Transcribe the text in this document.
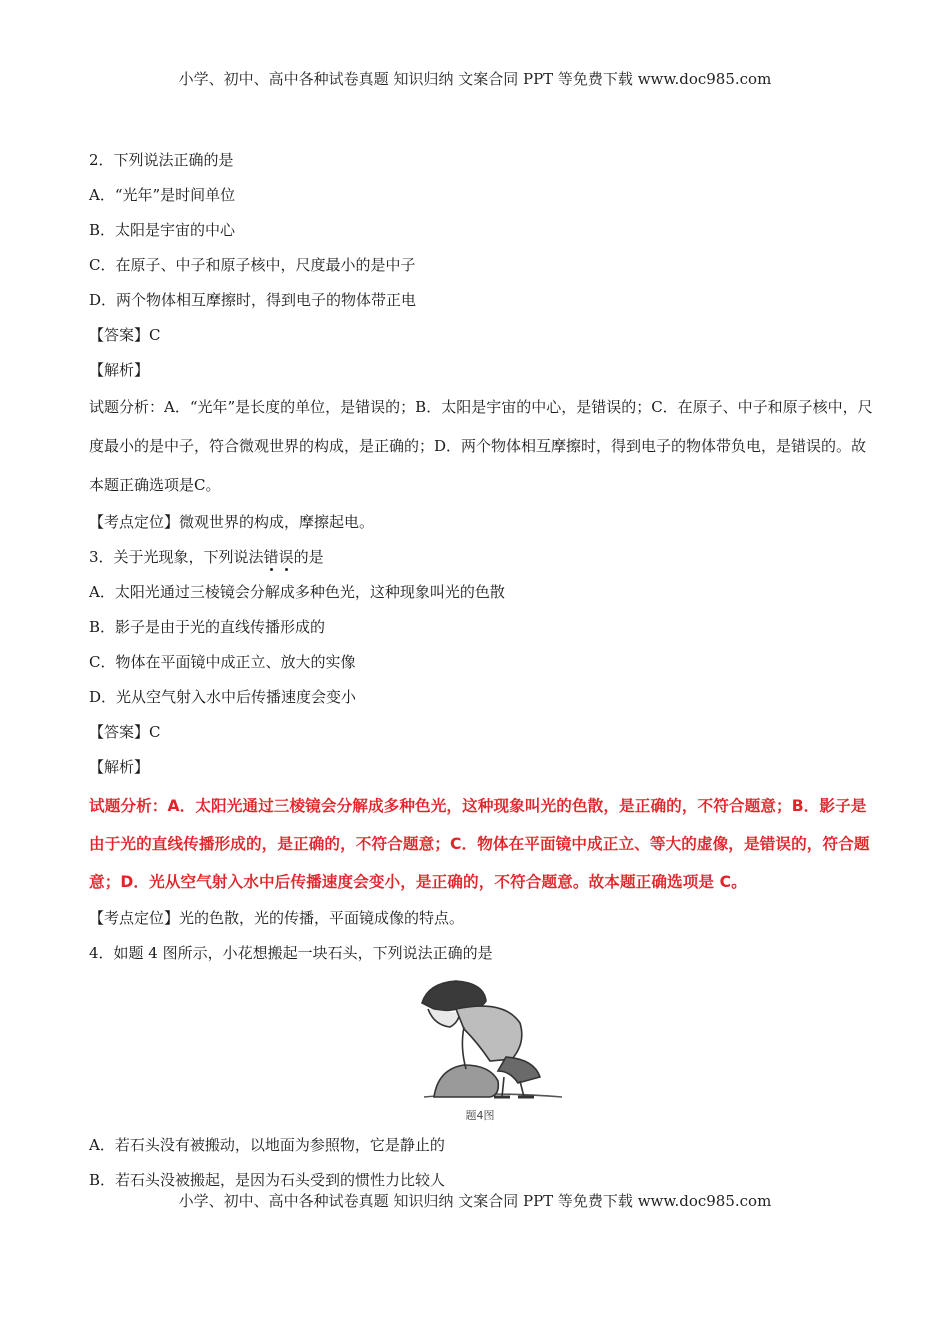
小学、初中、高中各种试卷真题 知识归纳 文案合同 PPT 等免费下载 www.doc985.com
2．下列说法正确的是
A．“光年”是时间单位
B．太阳是宇宙的中心
C．在原子、中子和原子核中，尺度最小的是中子
D．两个物体相互摩擦时，得到电子的物体带正电
【答案】C
【解析】

试题分析：A．“光年”是长度的单位，是错误的；B．太阳是宇宙的中心，是错误的；C．在原子、中子和原子核中，尺度最小的是中子，符合微观世界的构成，是正确的；D．两个物体相互摩擦时，得到电子的物体带负电，是错误的。故本题正确选项是C。

【考点定位】微观世界的构成，摩擦起电。
3．关于光现象，下列说法错误的是
A．太阳光通过三棱镜会分解成多种色光，这种现象叫光的色散
B．影子是由于光的直线传播形成的
C．物体在平面镜中成正立、放大的实像
D．光从空气射入水中后传播速度会变小
【答案】C
【解析】

试题分析：A．太阳光通过三棱镜会分解成多种色光，这种现象叫光的色散，是正确的，不符合题意；B．影子是由于光的直线传播形成的，是正确的，不符合题意；C．物体在平面镜中成正立、等大的虚像，是错误的，符合题意；D．光从空气射入水中后传播速度会变小，是正确的，不符合题意。故本题正确选项是 C。

【考点定位】光的色散，光的传播，平面镜成像的特点。
4．如题 4 图所示，小花想搬起一块石头，下列说法正确的是
题4图
A．若石头没有被搬动，以地面为参照物，它是静止的
B．若石头没被搬起，是因为石头受到的惯性力比较人
小学、初中、高中各种试卷真题 知识归纳 文案合同 PPT 等免费下载 www.doc985.com
